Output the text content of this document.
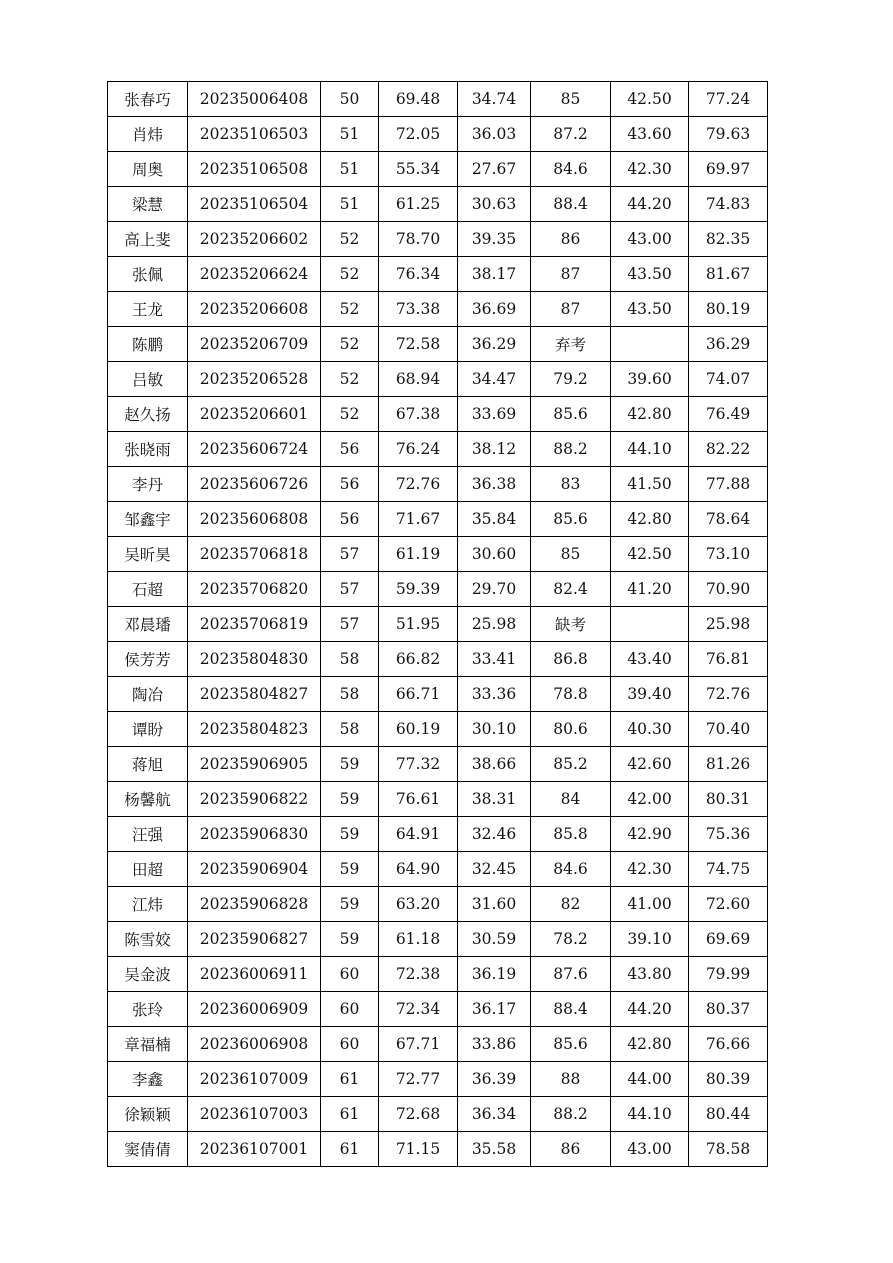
张春巧	20235006408	50	69.48	34.74	85	42.50	77.24
肖炜	20235106503	51	72.05	36.03	87.2	43.60	79.63
周奥	20235106508	51	55.34	27.67	84.6	42.30	69.97
梁慧	20235106504	51	61.25	30.63	88.4	44.20	74.83
高上斐	20235206602	52	78.70	39.35	86	43.00	82.35
张佩	20235206624	52	76.34	38.17	87	43.50	81.67
王龙	20235206608	52	73.38	36.69	87	43.50	80.19
陈鹏	20235206709	52	72.58	36.29	弃考		36.29
吕敏	20235206528	52	68.94	34.47	79.2	39.60	74.07
赵久扬	20235206601	52	67.38	33.69	85.6	42.80	76.49
张晓雨	20235606724	56	76.24	38.12	88.2	44.10	82.22
李丹	20235606726	56	72.76	36.38	83	41.50	77.88
邹鑫宇	20235606808	56	71.67	35.84	85.6	42.80	78.64
吴昕昊	20235706818	57	61.19	30.60	85	42.50	73.10
石超	20235706820	57	59.39	29.70	82.4	41.20	70.90
邓晨璠	20235706819	57	51.95	25.98	缺考		25.98
侯芳芳	20235804830	58	66.82	33.41	86.8	43.40	76.81
陶冶	20235804827	58	66.71	33.36	78.8	39.40	72.76
谭盼	20235804823	58	60.19	30.10	80.6	40.30	70.40
蒋旭	20235906905	59	77.32	38.66	85.2	42.60	81.26
杨馨航	20235906822	59	76.61	38.31	84	42.00	80.31
汪强	20235906830	59	64.91	32.46	85.8	42.90	75.36
田超	20235906904	59	64.90	32.45	84.6	42.30	74.75
江炜	20235906828	59	63.20	31.60	82	41.00	72.60
陈雪姣	20235906827	59	61.18	30.59	78.2	39.10	69.69
吴金波	20236006911	60	72.38	36.19	87.6	43.80	79.99
张玲	20236006909	60	72.34	36.17	88.4	44.20	80.37
章福楠	20236006908	60	67.71	33.86	85.6	42.80	76.66
李鑫	20236107009	61	72.77	36.39	88	44.00	80.39
徐颖颖	20236107003	61	72.68	36.34	88.2	44.10	80.44
窦倩倩	20236107001	61	71.15	35.58	86	43.00	78.58
